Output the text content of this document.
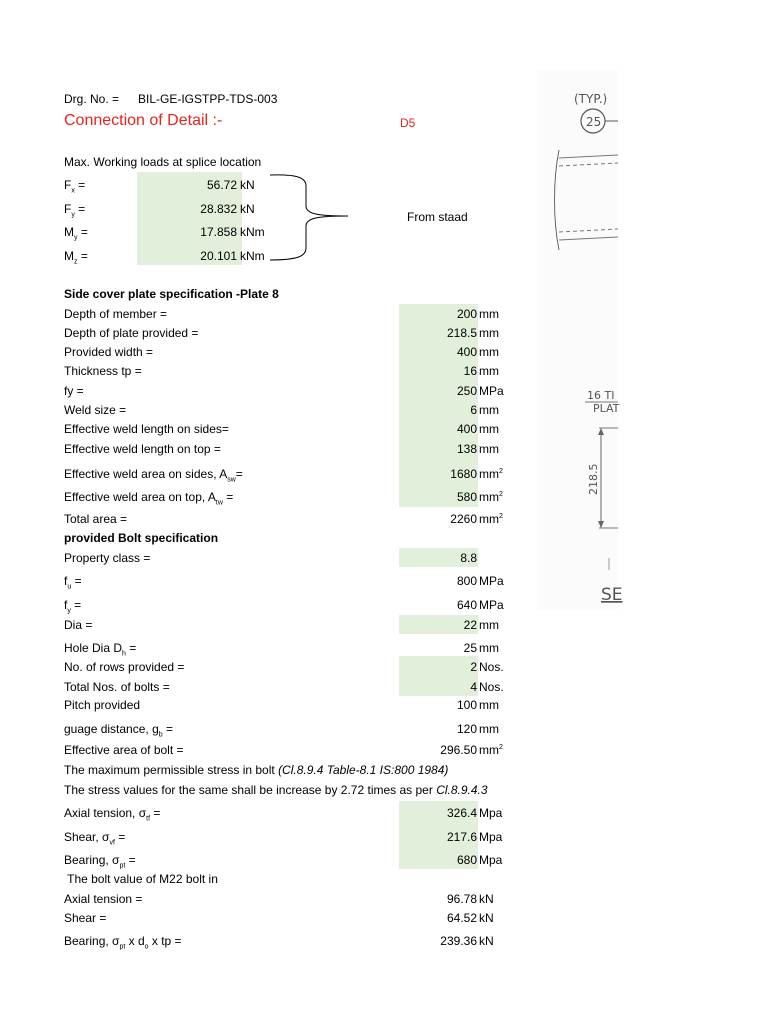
Drg. No. = BIL-GE-IGSTPP-TDS-003
Connection of Detail :-	D5
Max. Working loads at splice location
$F_x$ =	56.72 kN
$F_y$ =	28.832 kN
$M_y$ =	17.858 kNm
$M_z$ =	20.101 kNm
From staad
Side cover plate specification -Plate 8
Depth of member =	200 mm
Depth of plate provided =	218.5 mm
Provided width =	400 mm
Thickness tp =	16 mm
fy =	250 MPa
Weld size =	6 mm
Effective weld length on sides=	400 mm
Effective weld length on top =	138 mm
Effective weld area on sides, $A_{sw}=$	1680 $mm^2$
Effective weld area on top, $A_{tw}$ =	580 $mm^2$
Total area =	2260 $mm^2$
provided Bolt specification
Property class =	8.8
$f_u$ =	800 MPa
$f_y$ =	640 MPa
Dia =	22 mm
Hole Dia $D_h$ =	25 mm
No. of rows provided =	2 Nos.
Total Nos. of bolts =	4 Nos.
Pitch provided	100 mm
guage distance, $g_b$ =	120 mm
Effective area of bolt =	296.50 $mm^2$
The maximum permissible stress in bolt (Cl.8.9.4 Table-8.1 IS:800 1984)
The stress values for the same shall be increase by 2.72 times as per Cl.8.9.4.3
Axial tension, $\sigma_{tf}$ =	326.4 Mpa
Shear, $\sigma_{vf}$ =	217.6 Mpa
Bearing, $\sigma_{pt}$ =	680 Mpa
The bolt value of M22 bolt in
Axial tension =	96.78 kN
Shear =	64.52 kN
Bearing, $\sigma_{pt}$ x $d_o$ x tp =	239.36 kN
(TYP.)
25
16 TI
PLAT
218.5
SE
